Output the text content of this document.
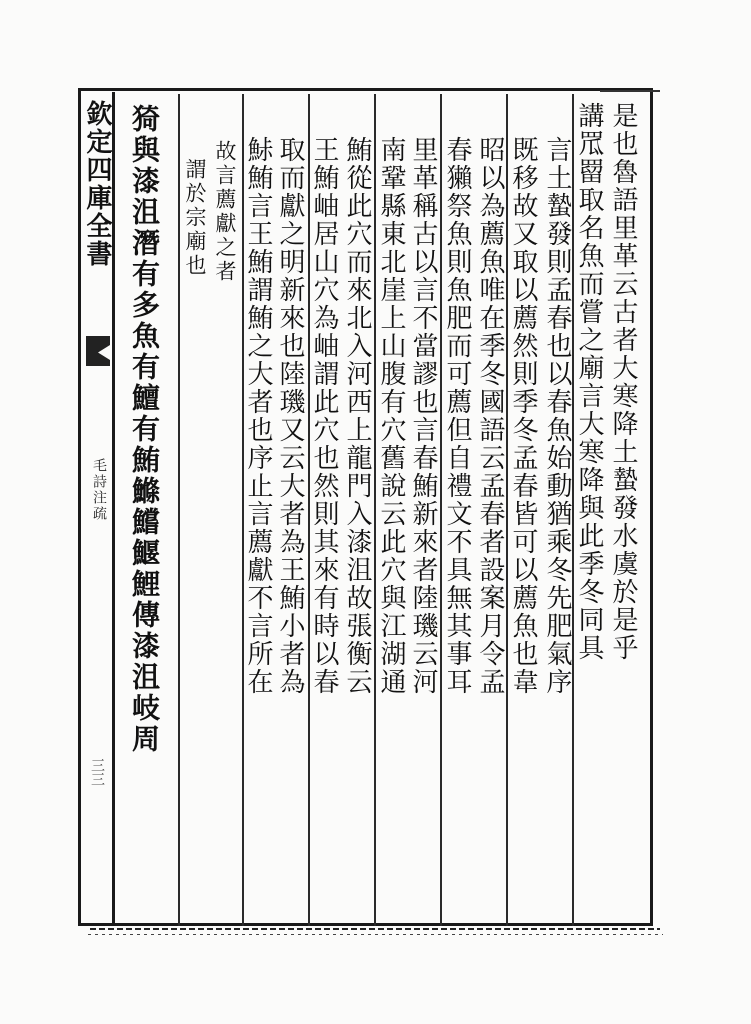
欽定四庫全書
毛詩注疏
三三
是也魯語里革云古者大寒降土蟄發水虞於是乎
講罛罶取名魚而嘗之廟言大寒降與此季冬同具
言土蟄發則孟春也以春魚始動猶乘冬先肥氣序
既移故又取以薦然則季冬孟春皆可以薦魚也韋
昭以為薦魚唯在季冬國語云孟春者設案月令孟
春獺祭魚則魚肥而可薦但自禮文不具無其事耳
里革稱古以言不當謬也言春鮪新來者陸璣云河
南鞏縣東北崖上山腹有穴舊說云此穴與江湖通
鮪從此穴而來北入河西上龍門入漆沮故張衡云
王鮪岫居山穴為岫謂此穴也然則其來有時以春
取而獻之明新來也陸璣又云大者為王鮪小者為
鮛鮪言王鮪謂鮪之大者也序止言薦獻不言所在
故言薦獻之者
謂於宗廟也
猗與漆沮潛有多魚有鱣有鮪鰷鱨鰋鯉傳漆沮岐周
